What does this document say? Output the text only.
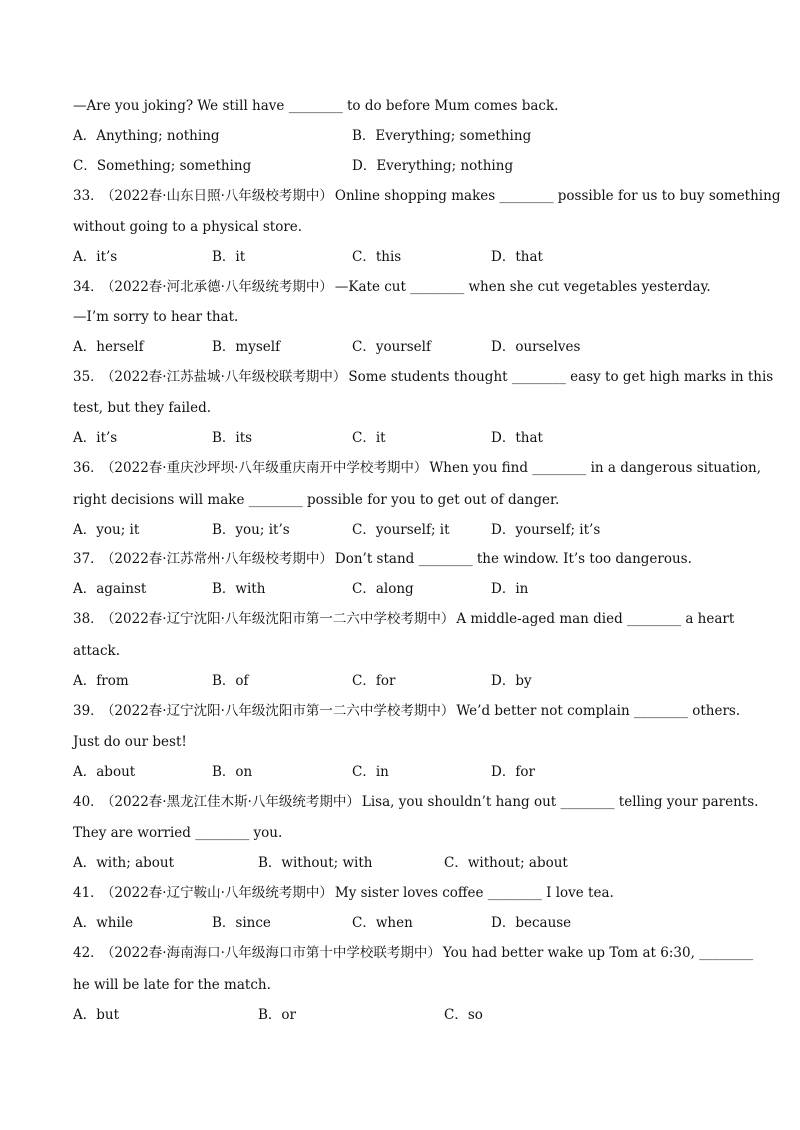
—Are you joking? We still have ________ to do before Mum comes back.
A．Anything; nothing	B．Everything; something
C．Something; something	D．Everything; nothing
33． （2022春·山东日照·八年级校考期中） Online shopping makes ________ possible for us to buy something
without going to a physical store.
A．it’s	B．it	C．this	D．that
34． （2022春·河北承德·八年级统考期中） —Kate cut ________ when she cut vegetables yesterday.
—I’m sorry to hear that.
A．herself	B．myself	C．yourself	D．ourselves
35． （2022春·江苏盐城·八年级校联考期中） Some students thought ________ easy to get high marks in this
test, but they failed.
A．it’s	B．its	C．it	D．that
36． （2022春·重庆沙坪坝·八年级重庆南开中学校考期中） When you find ________ in a dangerous situation,
right decisions will make ________ possible for you to get out of danger.
A．you; it	B．you; it’s	C．yourself; it	D．yourself; it’s
37． （2022春·江苏常州·八年级校考期中） Don’t stand ________ the window. It’s too dangerous.
A．against	B．with	C．along	D．in
38． （2022春·辽宁沈阳·八年级沈阳市第一二六中学校考期中） A middle-aged man died ________ a heart
attack.
A．from	B．of	C．for	D．by
39． （2022春·辽宁沈阳·八年级沈阳市第一二六中学校考期中） We’d better not complain ________ others.
Just do our best!
A．about	B．on	C．in	D．for
40． （2022春·黑龙江佳木斯·八年级统考期中） Lisa, you shouldn’t hang out ________ telling your parents.
They are worried ________ you.
A．with; about	B．without; with	C．without; about
41． （2022春·辽宁鞍山·八年级统考期中） My sister loves coffee ________ I love tea.
A．while	B．since	C．when	D．because
42． （2022春·海南海口·八年级海口市第十中学校联考期中） You had better wake up Tom at 6:30, ________
he will be late for the match.
A．but	B．or	C．so
